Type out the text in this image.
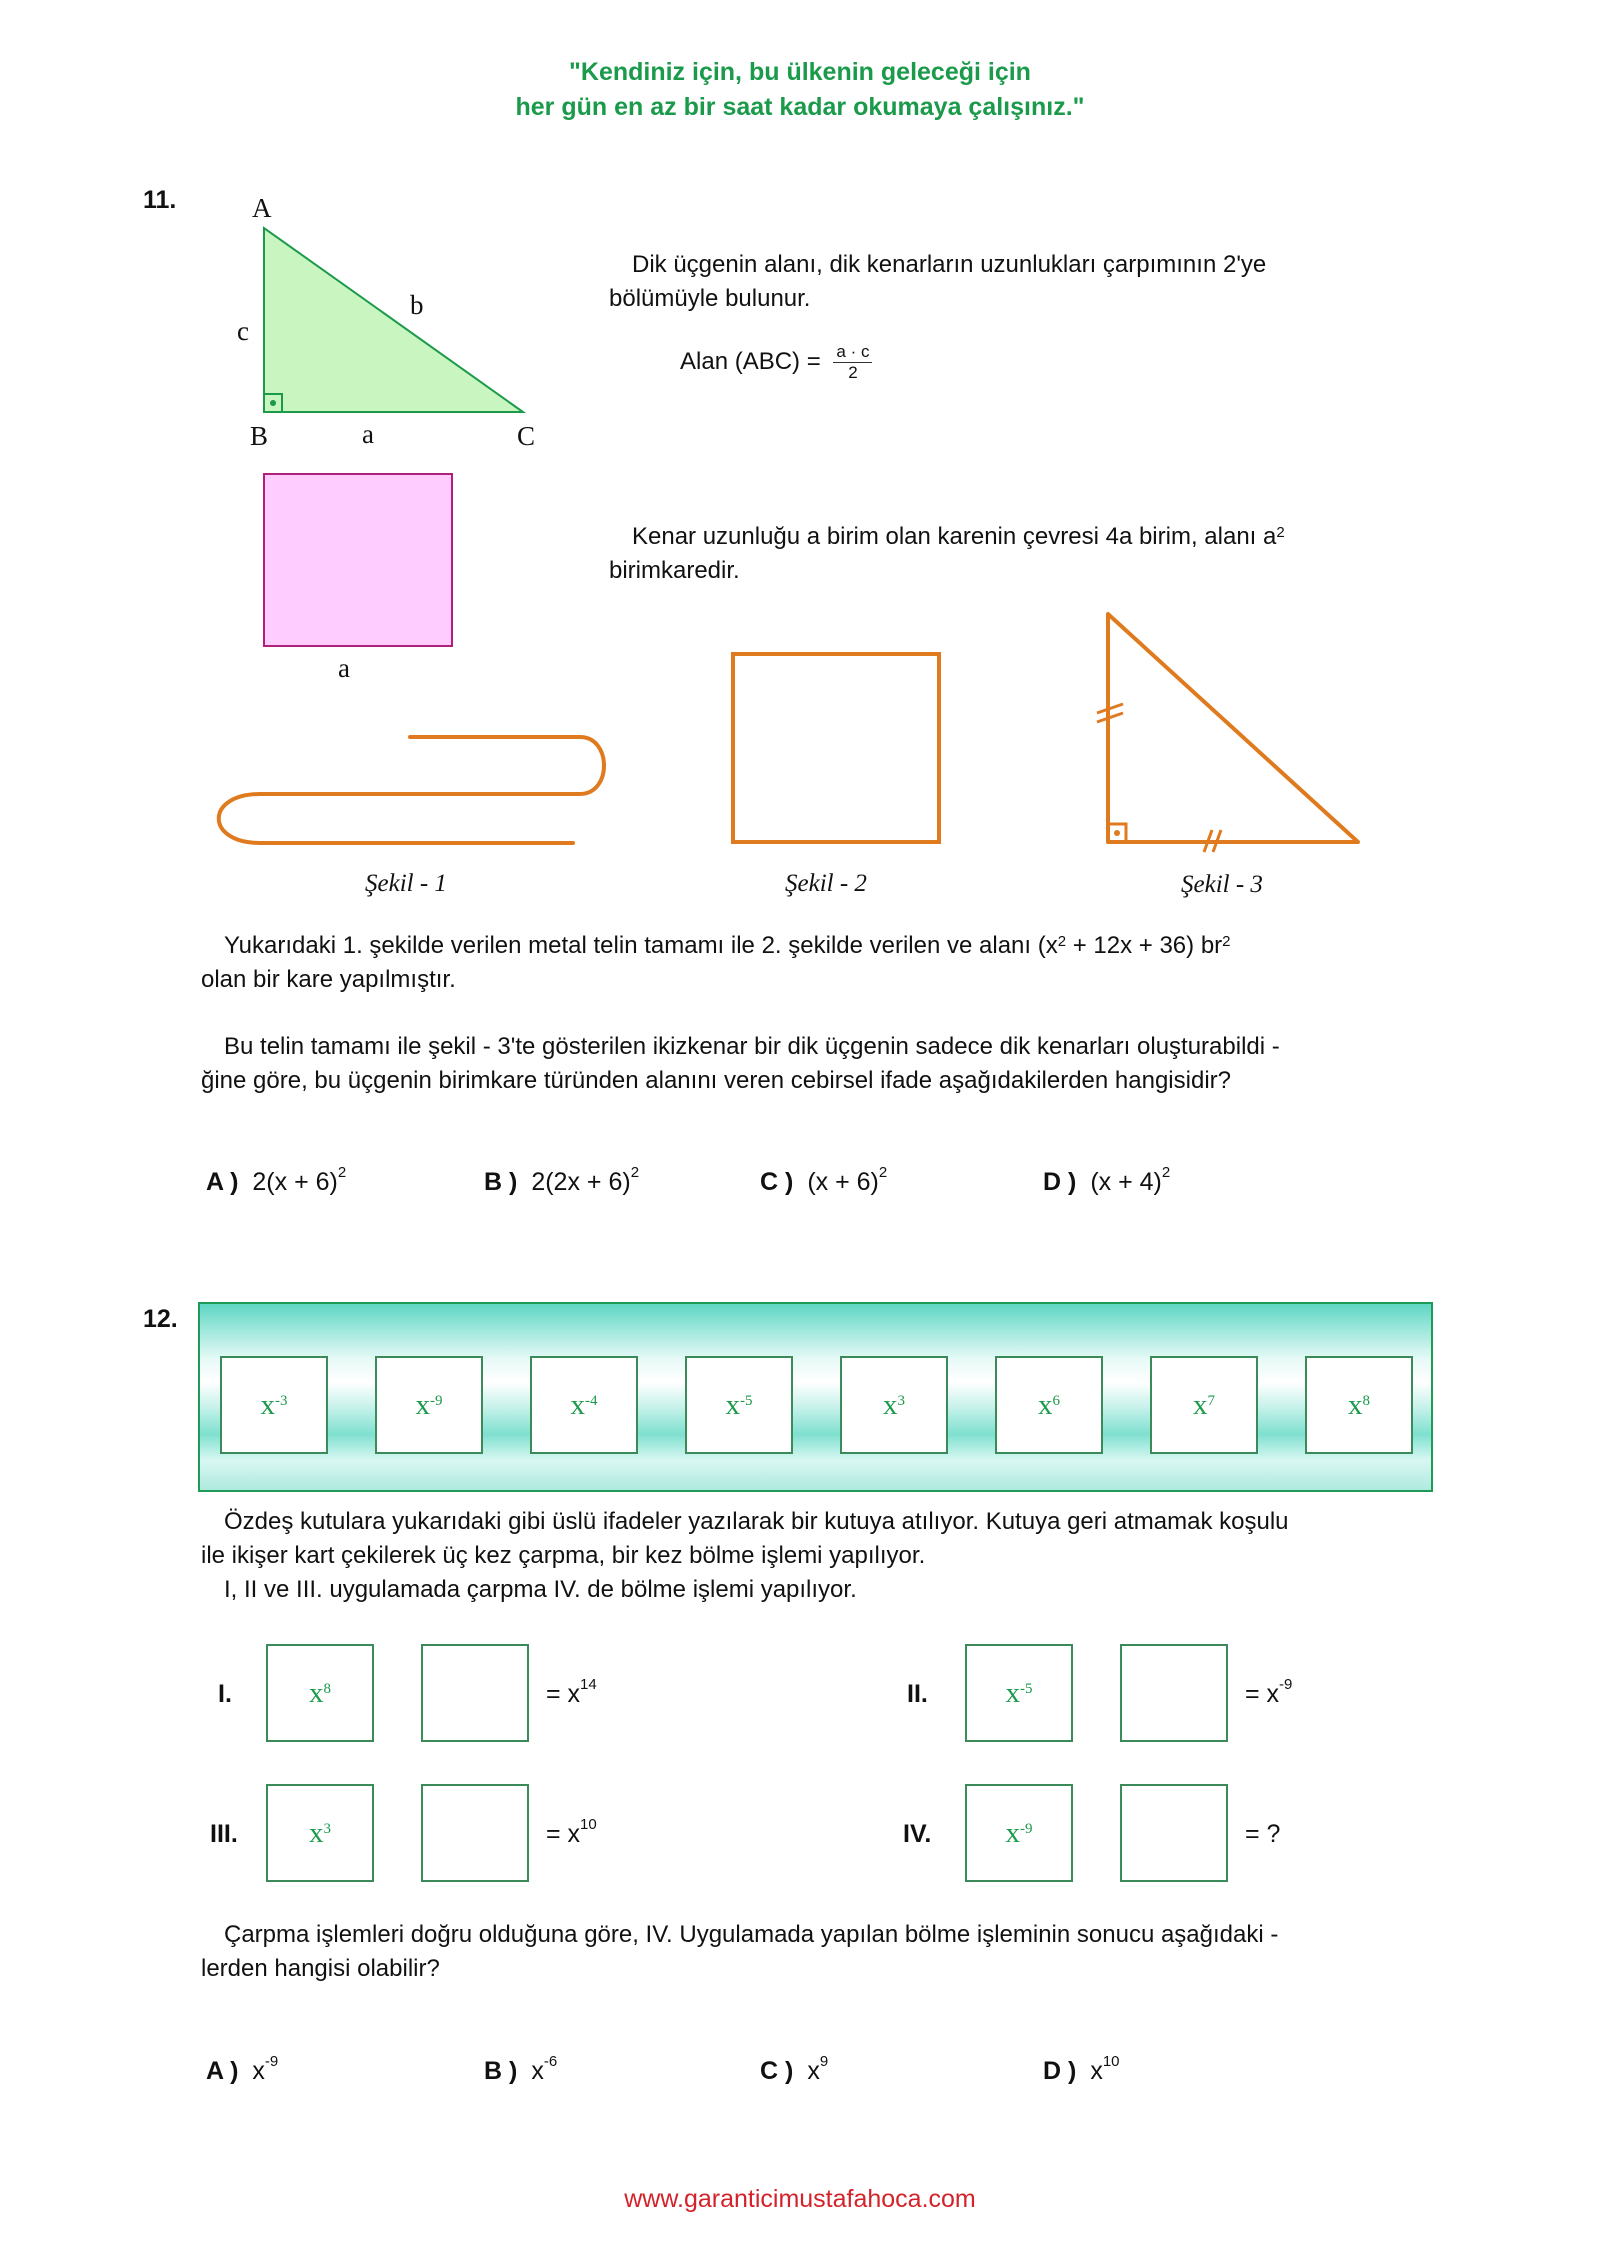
"Kendiniz için, bu ülkenin geleceği için
her gün en az bir saat kadar okumaya çalışınız."
11.	A
c
b
B	a	C
a
Dik üçgenin alanı, dik kenarların uzunlukları çarpımının 2'ye
bölümüyle bulunur.
Alan $(ABC) = \frac{a \cdot c}{2}$
Kenar uzunluğu a birim olan karenin çevresi 4a birim, alanı $a^2$
birimkaredir.
Şekil - 1	Şekil - 2	Şekil - 3
Yukarıdaki 1. şekilde verilen metal telin tamamı ile 2. şekilde verilen ve alanı $(x^2 + 12x + 36)$ $br^2$
olan bir kare yapılmıştır.
Bu telin tamamı ile şekil - 3'te gösterilen ikizkenar bir dik üçgenin sadece dik kenarları oluşturabildi -
ğine göre, bu üçgenin birimkare türünden alanını veren cebirsel ifade aşağıdakilerden hangisidir?
A ) $2(x + 6)^2$	B ) $2(2x + 6)^2$	C ) $(x + 6)^2$	D ) $(x + 4)^2$
12.
$x^{-3}$	$x^{-9}$	$x^{-4}$	$x^{-5}$	$x^3$	$x^6$	$x^7$	$x^8$
Özdeş kutulara yukarıdaki gibi üslü ifadeler yazılarak bir kutuya atılıyor. Kutuya geri atmamak koşulu
ile ikişer kart çekilerek üç kez çarpma, bir kez bölme işlemi yapılıyor.
I, II ve III. uygulamada çarpma IV. de bölme işlemi yapılıyor.
I.	$x^8$	= $x^{14}$	II.	$x^{-5}$	= $x^{-9}$
III. $x^3$	= $x^{10}$	IV.	$x^{-9}$	= ?
Çarpma işlemleri doğru olduğuna göre, IV. Uygulamada yapılan bölme işleminin sonucu aşağıdaki -
lerden hangisi olabilir?
A ) $x^{-9}$	B ) $x^{-6}$	C ) $x^9$	D ) $x^{10}$
www.garanticimustafahoca.com
